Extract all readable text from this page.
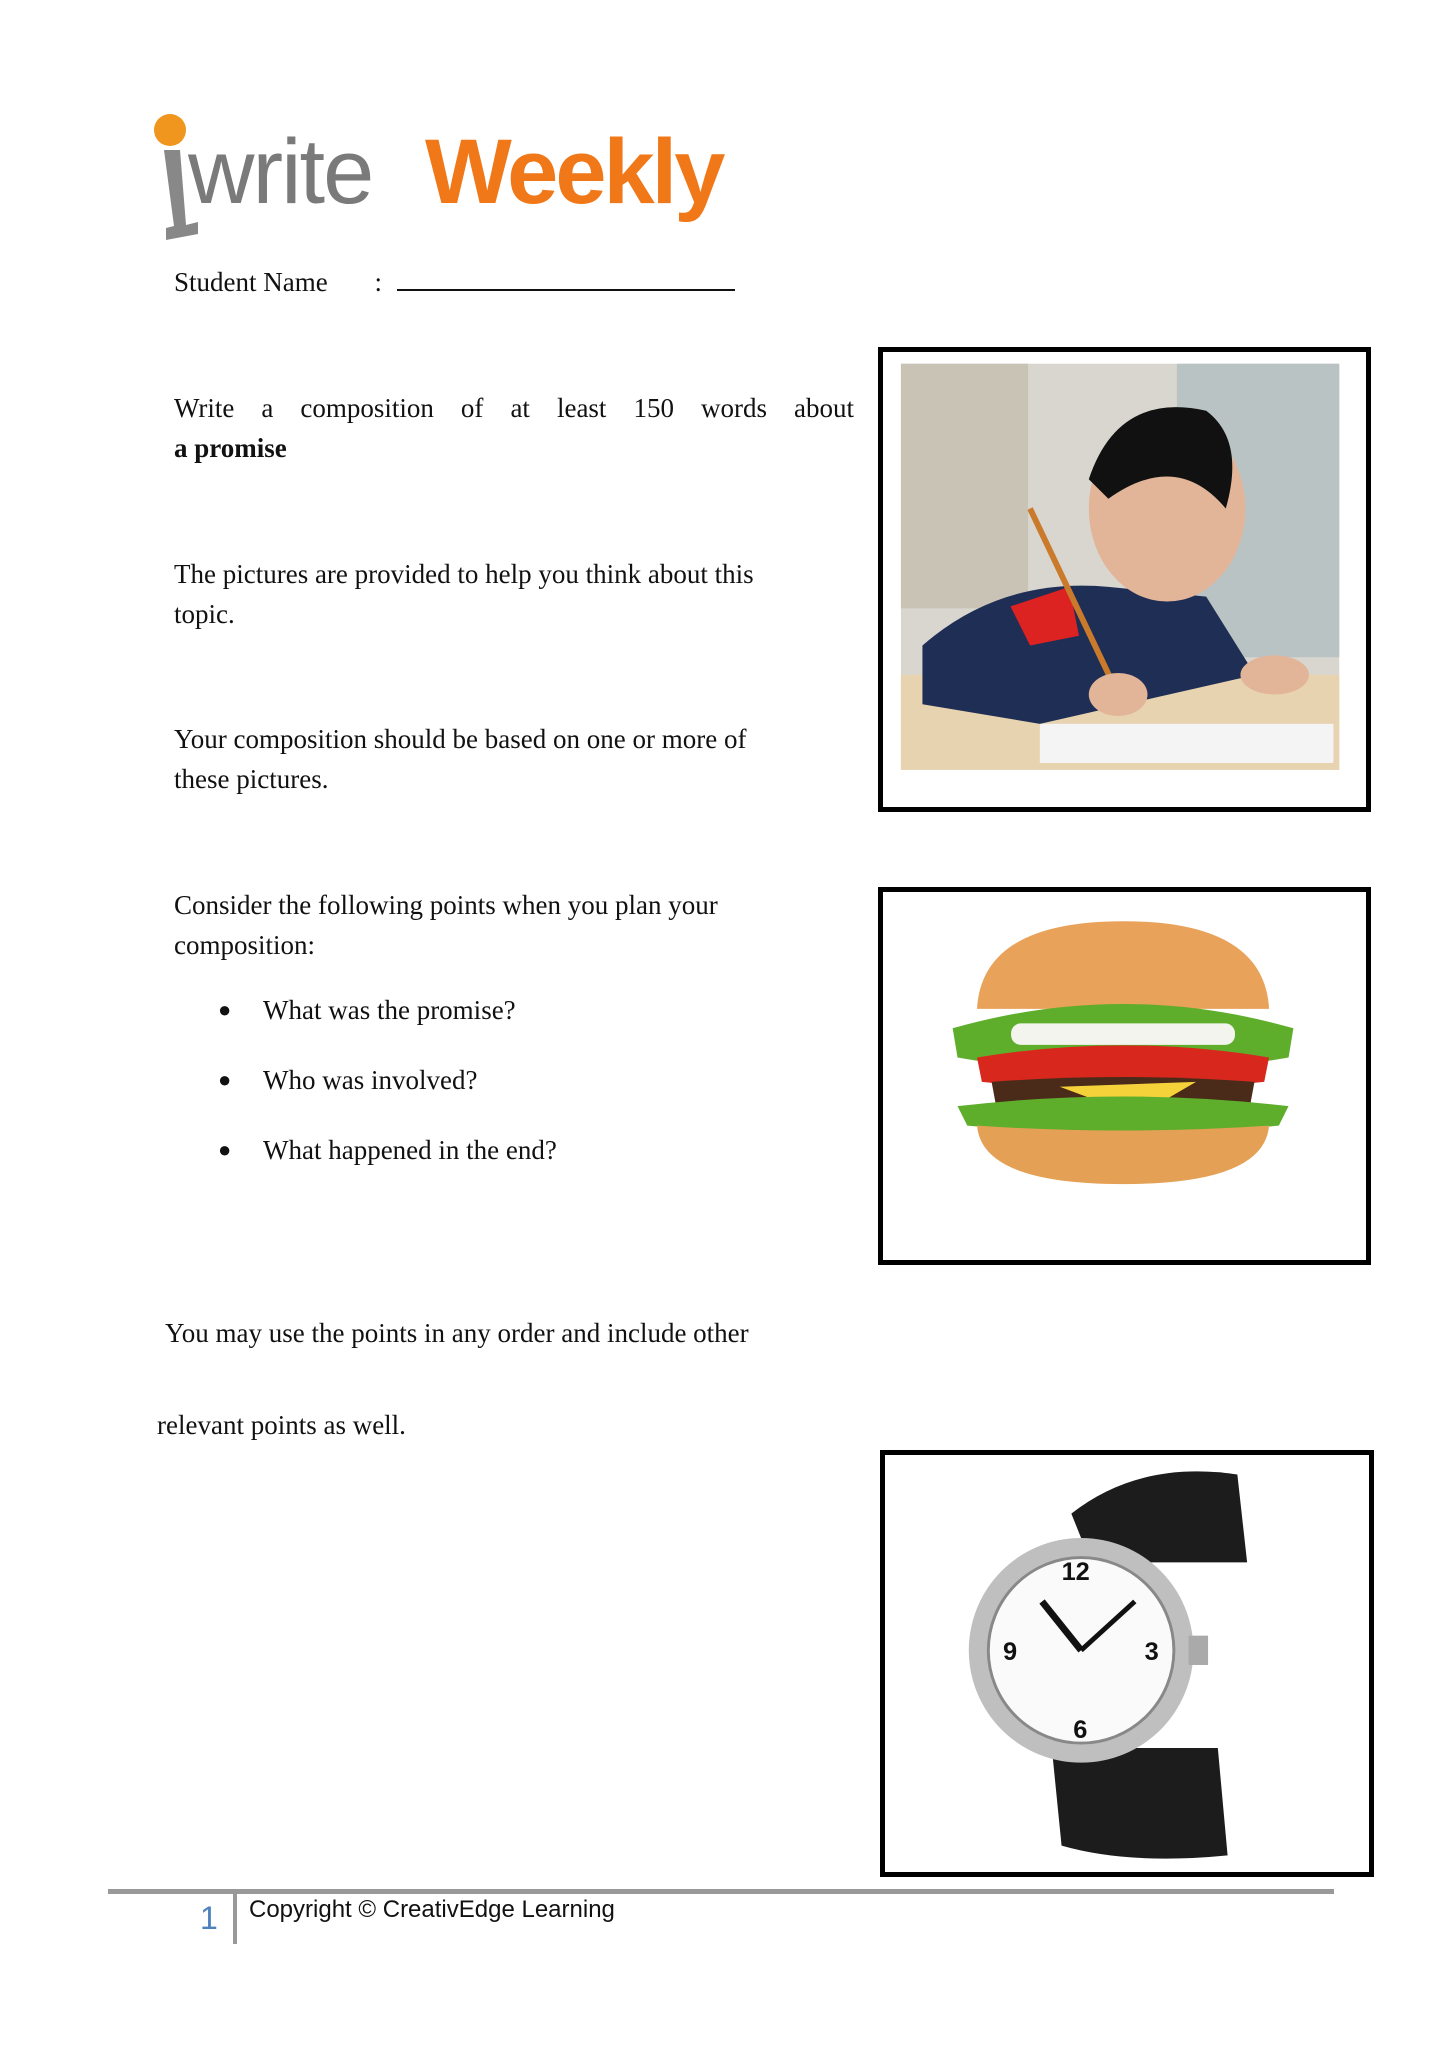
write Weekly
Student Name :
Write a composition of at least 150 words about
a promise
The pictures are provided to help you think about this
topic.
Your composition should be based on one or more of
these pictures.
Consider the following points when you plan your
composition:
● What was the promise?
● Who was involved?
● What happened in the end?
You may use the points in any order and include other
relevant points as well.
12
9	3
6
1 Copyright © CreativEdge Learning
